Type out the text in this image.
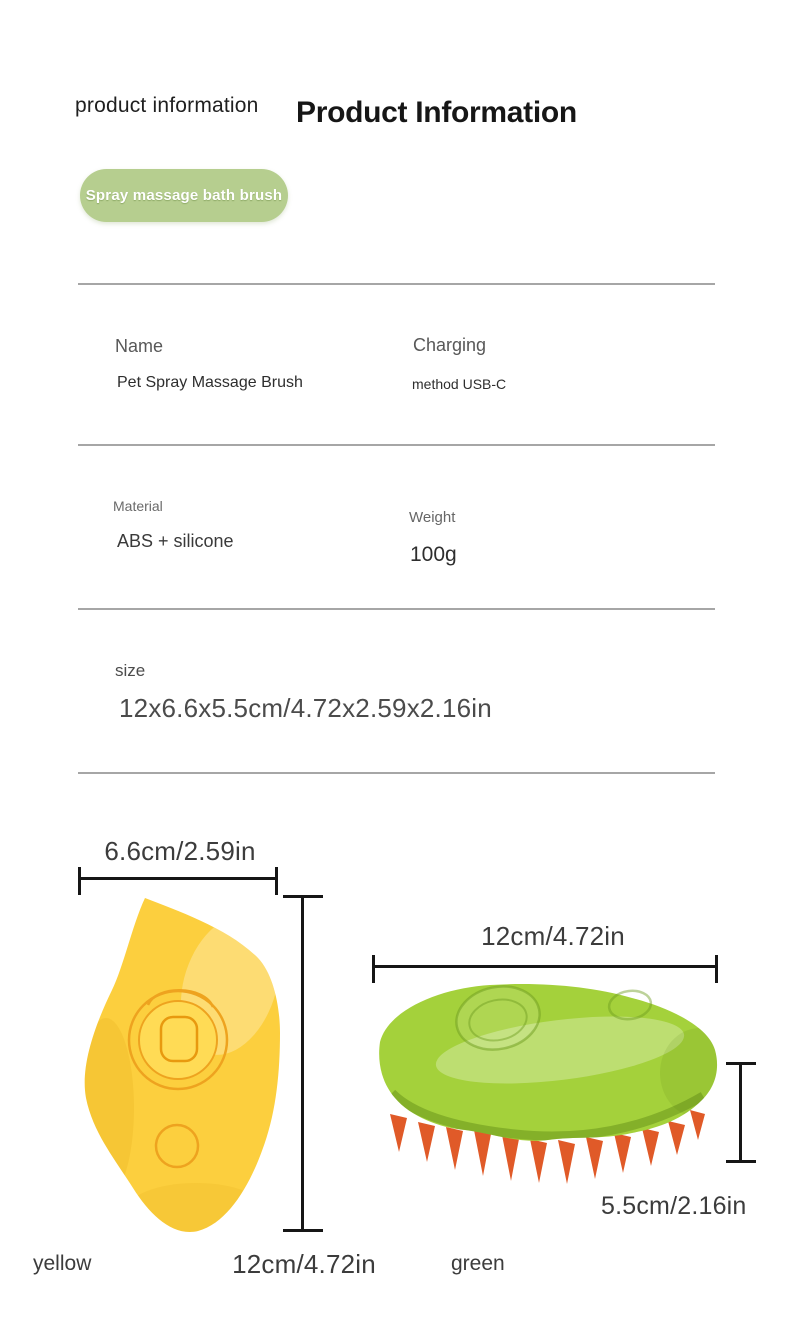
product information Product Information
Spray massage bath brush
Name
Pet Spray Massage Brush
Charging
method USB-C
Material
ABS + silicone
Weight
100g
size
12x6.6x5.5cm/4.72x2.59x2.16in
6.6cm/2.59in
12cm/4.72in
yellow
12cm/4.72in
5.5cm/2.16in
green
